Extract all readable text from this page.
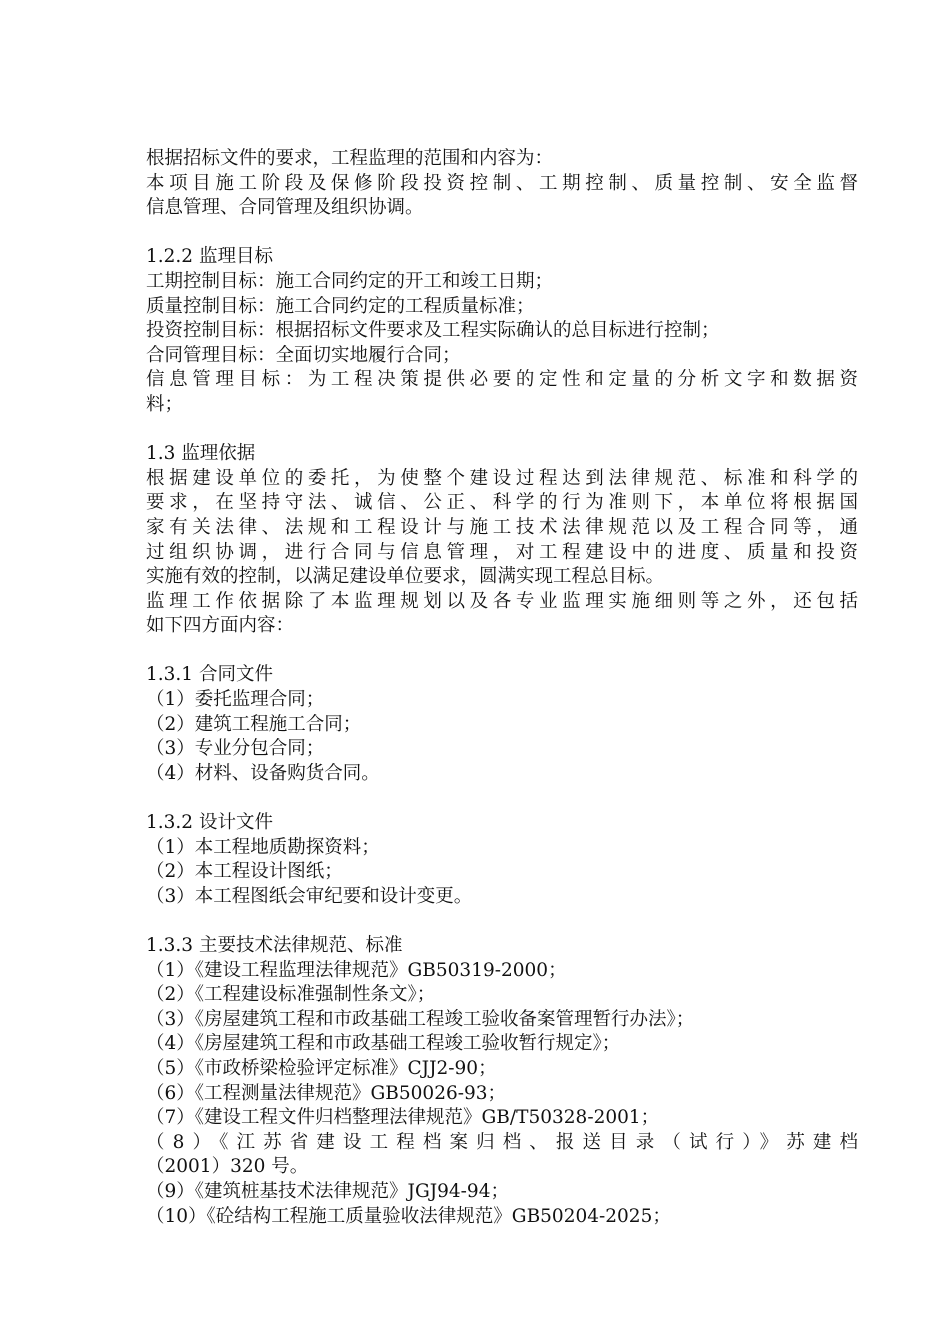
根据招标文件的要求，工程监理的范围和内容为：
本项目施工阶段及保修阶段投资控制、工期控制、质量控制、安全监督
信息管理、合同管理及组织协调。
1.2.2 监理目标
工期控制目标：施工合同约定的开工和竣工日期；
质量控制目标：施工合同约定的工程质量标准；
投资控制目标：根据招标文件要求及工程实际确认的总目标进行控制；
合同管理目标：全面切实地履行合同；
信息管理目标：为工程决策提供必要的定性和定量的分析文字和数据资
料；
1.3 监理依据
根据建设单位的委托，为使整个建设过程达到法律规范、标准和科学的
要求，在坚持守法、诚信、公正、科学的行为准则下，本单位将根据国
家有关法律、法规和工程设计与施工技术法律规范以及工程合同等，通
过组织协调，进行合同与信息管理，对工程建设中的进度、质量和投资
实施有效的控制，以满足建设单位要求，圆满实现工程总目标。
监理工作依据除了本监理规划以及各专业监理实施细则等之外，还包括
如下四方面内容：
1.3.1 合同文件
（1）委托监理合同；
（2）建筑工程施工合同；
（3）专业分包合同；
（4）材料、设备购货合同。
1.3.2 设计文件
（1）本工程地质勘探资料；
（2）本工程设计图纸；
（3）本工程图纸会审纪要和设计变更。
1.3.3 主要技术法律规范、标准
（1）《建设工程监理法律规范》GB50319-2000；
（2）《工程建设标准强制性条文》；
（3）《房屋建筑工程和市政基础工程竣工验收备案管理暂行办法》；
（4）《房屋建筑工程和市政基础工程竣工验收暂行规定》；
（5）《市政桥梁检验评定标准》CJJ2-90；
（6）《工程测量法律规范》GB50026-93；
（7）《建设工程文件归档整理法律规范》GB/T50328-2001；
（8）《江苏省建设工程档案归档、报送目录（试行）》苏建档
（2001）320 号。
（9）《建筑桩基技术法律规范》JGJ94-94；
（10）《砼结构工程施工质量验收法律规范》GB50204-2025；
